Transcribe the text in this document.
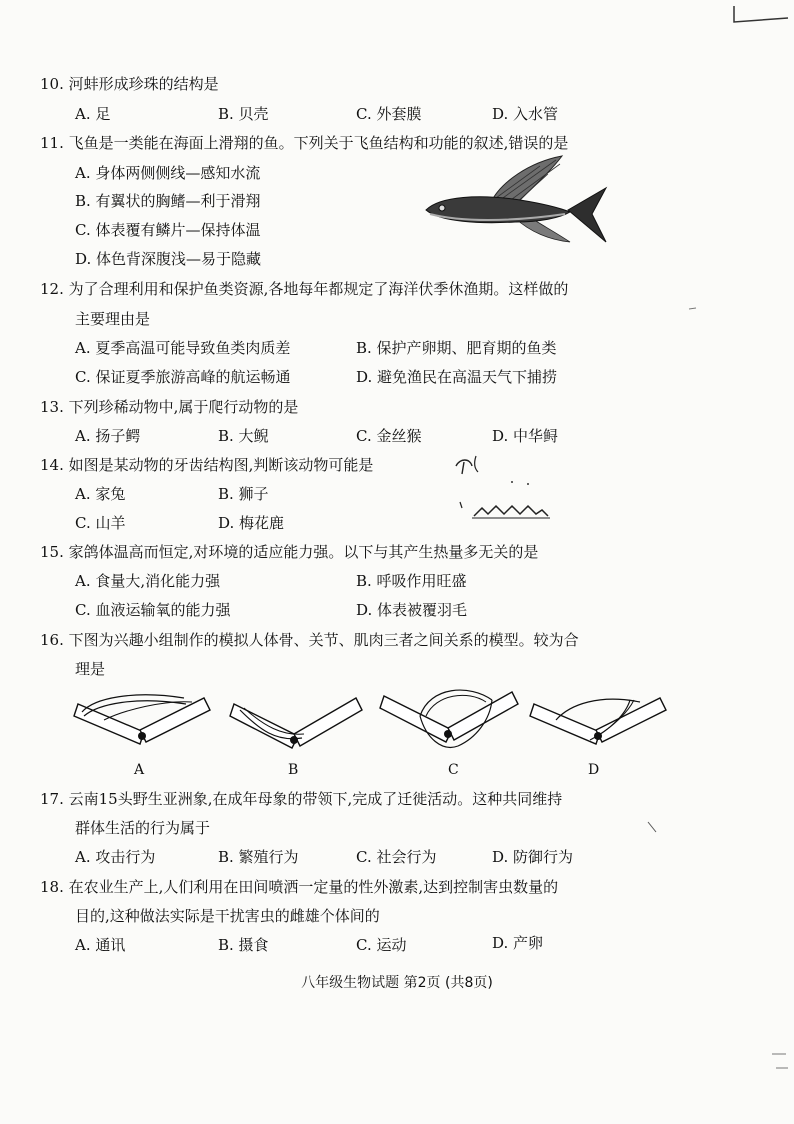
10. 河蚌形成珍珠的结构是
A. 足	B. 贝壳	C. 外套膜	D. 入水管
11. 飞鱼是一类能在海面上滑翔的鱼。下列关于飞鱼结构和功能的叙述,错误的是
A. 身体两侧侧线—感知水流
B. 有翼状的胸鳍—利于滑翔
C. 体表覆有鳞片—保持体温
D. 体色背深腹浅—易于隐藏
12. 为了合理利用和保护鱼类资源,各地每年都规定了海洋伏季休渔期。这样做的
主要理由是
A. 夏季高温可能导致鱼类肉质差	B. 保护产卵期、肥育期的鱼类
C. 保证夏季旅游高峰的航运畅通	D. 避免渔民在高温天气下捕捞
13. 下列珍稀动物中,属于爬行动物的是
A. 扬子鳄	B. 大鲵	C. 金丝猴	D. 中华鲟
14. 如图是某动物的牙齿结构图,判断该动物可能是
A. 家兔	B. 狮子
C. 山羊	D. 梅花鹿
15. 家鸽体温高而恒定,对环境的适应能力强。以下与其产生热量多无关的是
A. 食量大,消化能力强	B. 呼吸作用旺盛
C. 血液运输氧的能力强	D. 体表被覆羽毛
16. 下图为兴趣小组制作的模拟人体骨、关节、肌肉三者之间关系的模型。较为合
理是
A	B	C	D
17. 云南15头野生亚洲象,在成年母象的带领下,完成了迁徙活动。这种共同维持
群体生活的行为属于
A. 攻击行为	B. 繁殖行为	C. 社会行为	D. 防御行为
18. 在农业生产上,人们利用在田间喷洒一定量的性外激素,达到控制害虫数量的
目的,这种做法实际是干扰害虫的雌雄个体间的
A. 通讯	B. 摄食	C. 运动	D. 产卵
八年级生物试题 第2页 (共8页)
